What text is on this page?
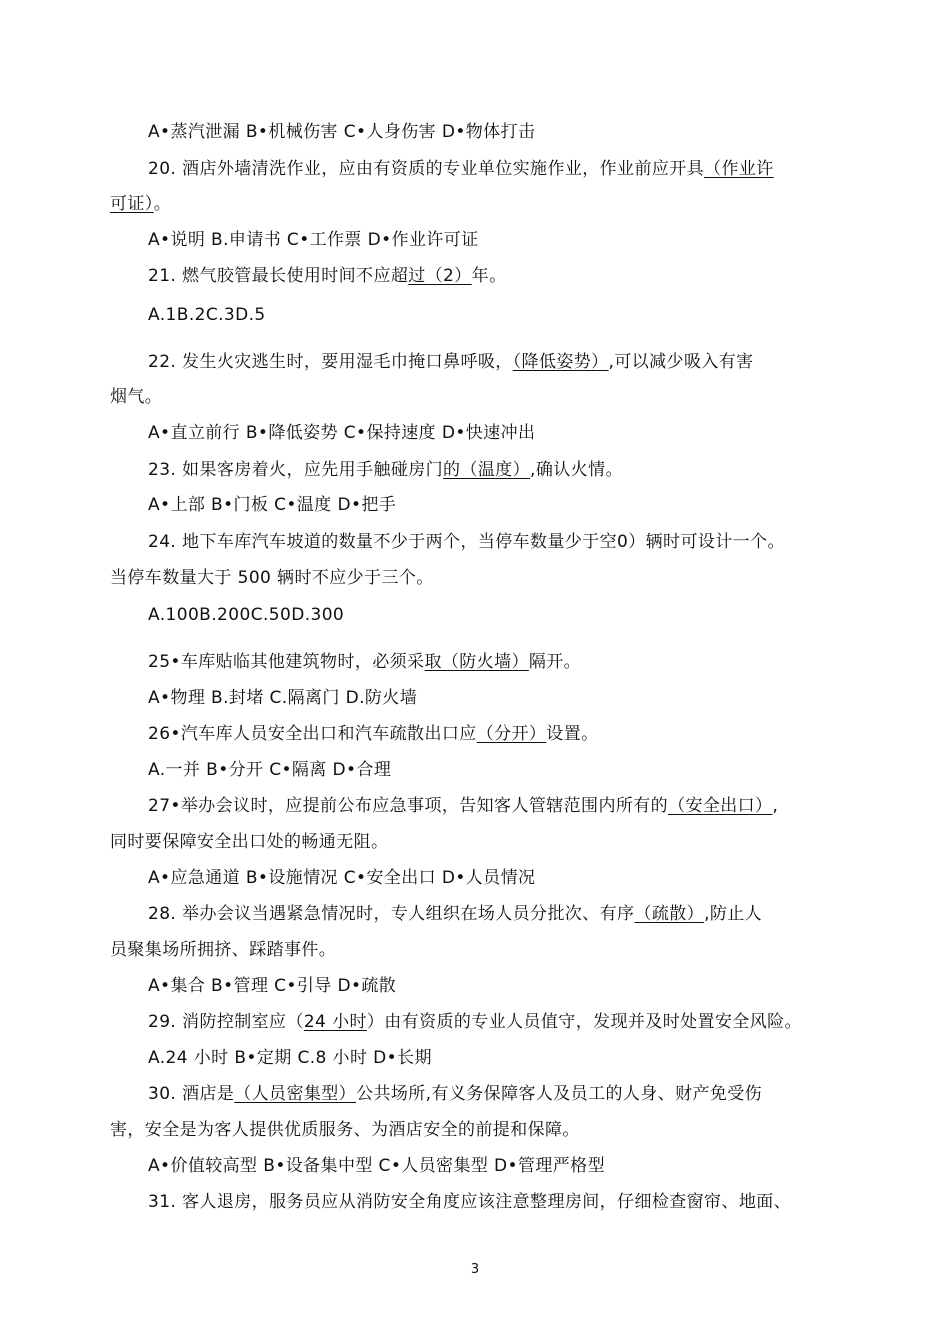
A•蒸汽泄漏 B•机械伤害 C•人身伤害 D•物体打击
20. 酒店外墙清洗作业，应由有资质的专业单位实施作业，作业前应开具（作业许
可证）。
A•说明 B.申请书 C•工作票 D•作业许可证
21. 燃气胶管最长使用时间不应超过（2）年。
A.1B.2C.3D.5
22. 发生火灾逃生时，要用湿毛巾掩口鼻呼吸，（降低姿势）,可以减少吸入有害
烟气。
A•直立前行 B•降低姿势 C•保持速度 D•快速冲出
23. 如果客房着火，应先用手触碰房门的（温度）,确认火情。
A•上部 B•门板 C•温度 D•把手
24. 地下车库汽车坡道的数量不少于两个，当停车数量少于空0）辆时可设计一个。
当停车数量大于 500 辆时不应少于三个。
A.100B.200C.50D.300
25•车库贴临其他建筑物时，必须采取（防火墙）隔开。
A•物理 B.封堵 C.隔离门 D.防火墙
26•汽车库人员安全出口和汽车疏散出口应（分开）设置。
A.一并 B•分开 C•隔离 D•合理
27•举办会议时，应提前公布应急事项，告知客人管辖范围内所有的（安全出口）,
同时要保障安全出口处的畅通无阻。
A•应急通道 B•设施情况 C•安全出口 D•人员情况
28. 举办会议当遇紧急情况时，专人组织在场人员分批次、有序（疏散）,防止人
员聚集场所拥挤、踩踏事件。
A•集合 B•管理 C•引导 D•疏散
29. 消防控制室应（24 小时）由有资质的专业人员值守，发现并及时处置安全风险。
A.24 小时 B•定期 C.8 小时 D•长期
30. 酒店是（人员密集型）公共场所,有义务保障客人及员工的人身、财产免受伤
害，安全是为客人提供优质服务、为酒店安全的前提和保障。
A•价值较高型 B•设备集中型 C•人员密集型 D•管理严格型
31. 客人退房，服务员应从消防安全角度应该注意整理房间，仔细检查窗帘、地面、
3
